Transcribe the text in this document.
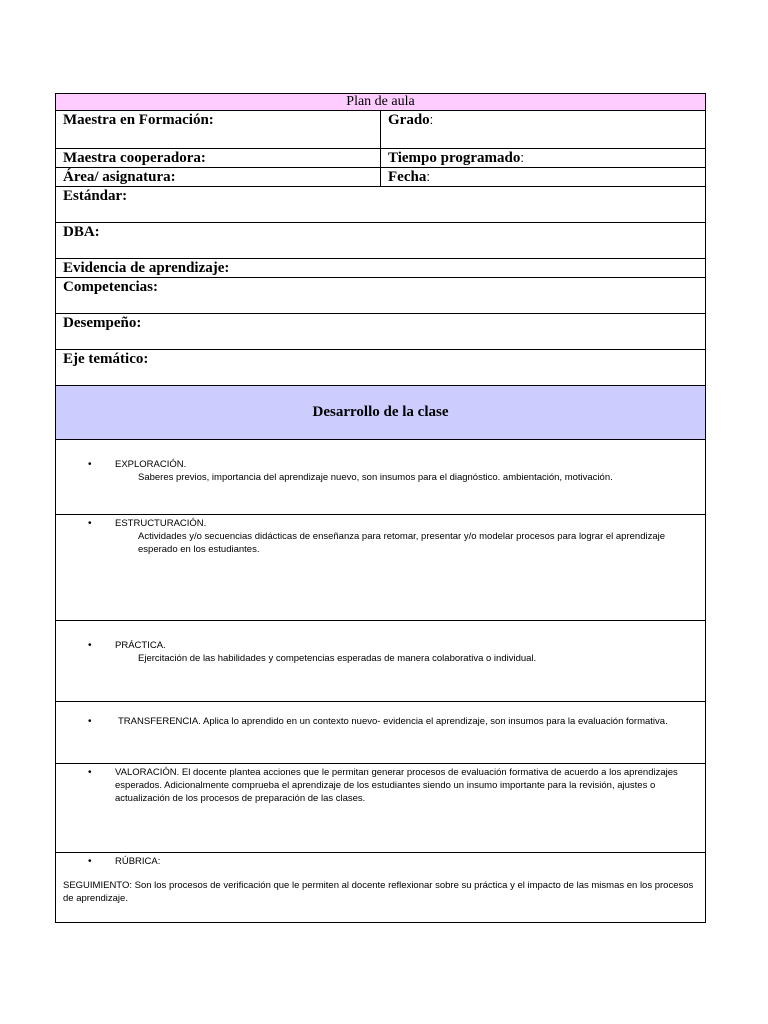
Plan de aula	
Maestra en Formación:	Grado:
Maestra cooperadora:	Tiempo programado:
Área/ asignatura:	Fecha:
Estándar:	
DBA:	
Evidencia de aprendizaje:	
Competencias:	
Desempeño:	
Eje temático:	
Desarrollo de la clase	

• EXPLORACIÓN.
Saberes previos, importancia del aprendizaje nuevo, son insumos para el diagnóstico. ambientación, motivación.	

• ESTRUCTURACIÓN.
Actividades y/o secuencias didácticas de enseñanza para retomar, presentar y/o modelar procesos para lograr el aprendizaje esperado en los estudiantes.	

• PRÁCTICA.
Ejercitación de las habilidades y competencias esperadas de manera colaborativa o individual.	

• TRANSFERENCIA. Aplica lo aprendido en un contexto nuevo- evidencia el aprendizaje, son insumos para la evaluación formativa.	

• VALORACIÓN. El docente plantea acciones que le permitan generar procesos de evaluación formativa de acuerdo a los aprendizajes esperados. Adicionalmente comprueba el aprendizaje de los estudiantes siendo un insumo importante para la revisión, ajustes o actualización de los procesos de preparación de las clases.	

• RÚBRICA:
SEGUIMIENTO: Son los procesos de verificación que le permiten al docente reflexionar sobre su práctica y el impacto de las mismas en los procesos de aprendizaje.	
